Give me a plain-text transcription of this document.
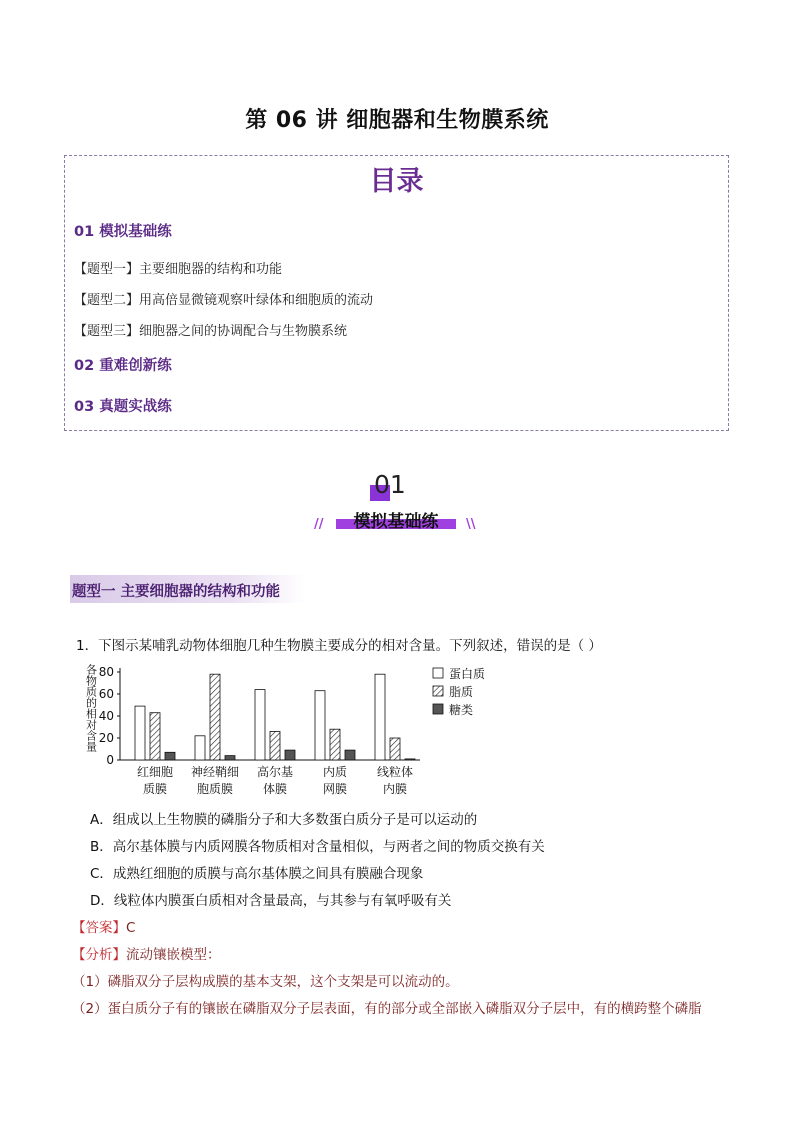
第 06 讲 细胞器和生物膜系统
目录
01 模拟基础练
【题型一】主要细胞器的结构和功能
【题型二】用高倍显微镜观察叶绿体和细胞质的流动
【题型三】细胞器之间的协调配合与生物膜系统
02 重难创新练
03 真题实战练
01
模拟基础练
//	\\
题型一 主要细胞器的结构和功能
1．下图示某哺乳动物体细胞几种生物膜主要成分的相对含量。下列叙述，错误的是（ ）
各物质的相对含量
0
20
40
60
80
红细胞
质膜
神经鞘细
胞质膜
高尔基
体膜
内质
网膜
线粒体
内膜
蛋白质
脂质
糖类
A．组成以上生物膜的磷脂分子和大多数蛋白质分子是可以运动的
B．高尔基体膜与内质网膜各物质相对含量相似，与两者之间的物质交换有关
C．成熟红细胞的质膜与高尔基体膜之间具有膜融合现象
D．线粒体内膜蛋白质相对含量最高，与其参与有氧呼吸有关
【答案】C
【分析】流动镶嵌模型：
（1）磷脂双分子层构成膜的基本支架，这个支架是可以流动的。
（2）蛋白质分子有的镶嵌在磷脂双分子层表面，有的部分或全部嵌入磷脂双分子层中，有的横跨整个磷脂
